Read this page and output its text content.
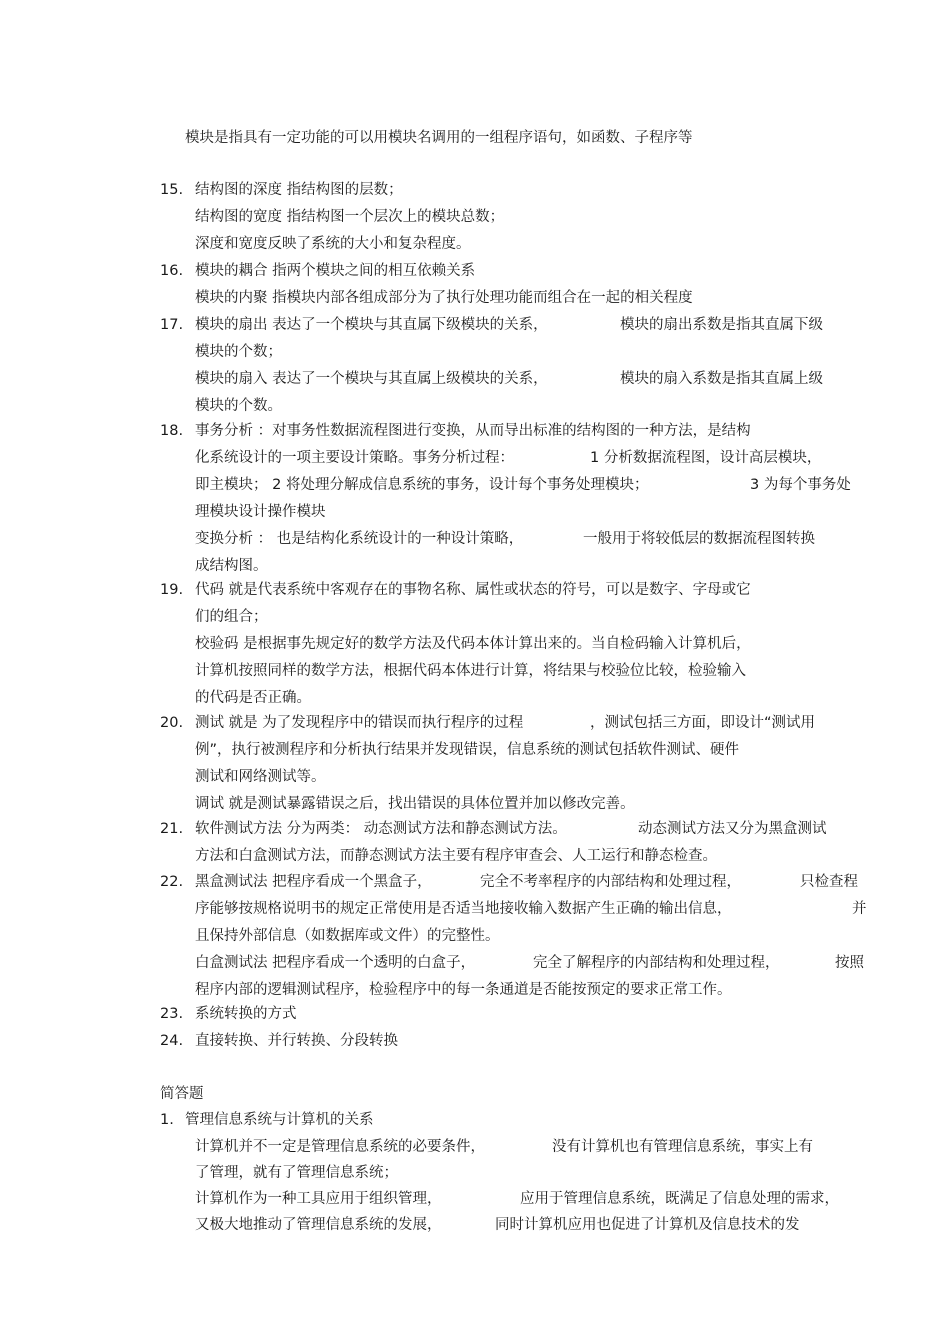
模块是指具有一定功能的可以用模块名调用的一组程序语句，如函数、子程序等
15. 结构图的深度 指结构图的层数；
结构图的宽度 指结构图一个层次上的模块总数；
深度和宽度反映了系统的大小和复杂程度。
16. 模块的耦合 指两个模块之间的相互依赖关系
模块的内聚 指模块内部各组成部分为了执行处理功能而组合在一起的相关程度
17. 模块的扇出 表达了一个模块与其直属下级模块的关系，	模块的扇出系数是指其直属下级
模块的个数；
模块的扇入 表达了一个模块与其直属上级模块的关系，	模块的扇入系数是指其直属上级
模块的个数。
18. 事务分析 ：对事务性数据流程图进行变换，从而导出标准的结构图的一种方法，是结构
化系统设计的一项主要设计策略。事务分析过程：	1 分析数据流程图，设计高层模块，
即主模块； 2 将处理分解成信息系统的事务，设计每个事务处理模块；	3 为每个事务处
理模块设计操作模块
变换分析 ： 也是结构化系统设计的一种设计策略，	一般用于将较低层的数据流程图转换
成结构图。
19. 代码 就是代表系统中客观存在的事物名称、属性或状态的符号，可以是数字、字母或它
们的组合；
校验码 是根据事先规定好的数学方法及代码本体计算出来的。当自检码输入计算机后，
计算机按照同样的数学方法，根据代码本体进行计算，将结果与校验位比较，检验输入
的代码是否正确。
20. 测试 就是 为了发现程序中的错误而执行程序的过程	，测试包括三方面，即设计“测试用
例”，执行被测程序和分析执行结果并发现错误，信息系统的测试包括软件测试、硬件
测试和网络测试等。
调试 就是测试暴露错误之后，找出错误的具体位置并加以修改完善。
21. 软件测试方法 分为两类： 动态测试方法和静态测试方法。	动态测试方法又分为黑盒测试
方法和白盒测试方法，而静态测试方法主要有程序审查会、人工运行和静态检查。
22. 黑盒测试法 把程序看成一个黑盒子，	完全不考率程序的内部结构和处理过程，	只检查程
序能够按规格说明书的规定正常使用是否适当地接收输入数据产生正确的输出信息，	并
且保持外部信息（如数据库或文件）的完整性。
白盒测试法 把程序看成一个透明的白盒子，	完全了解程序的内部结构和处理过程，	按照
程序内部的逻辑测试程序，检验程序中的每一条通道是否能按预定的要求正常工作。
23. 系统转换的方式
24. 直接转换、并行转换、分段转换
简答题
1. 管理信息系统与计算机的关系
计算机并不一定是管理信息系统的必要条件，	没有计算机也有管理信息系统，事实上有
了管理，就有了管理信息系统；
计算机作为一种工具应用于组织管理，	应用于管理信息系统， 既满足了信息处理的需求，
又极大地推动了管理信息系统的发展，	同时计算机应用也促进了计算机及信息技术的发
